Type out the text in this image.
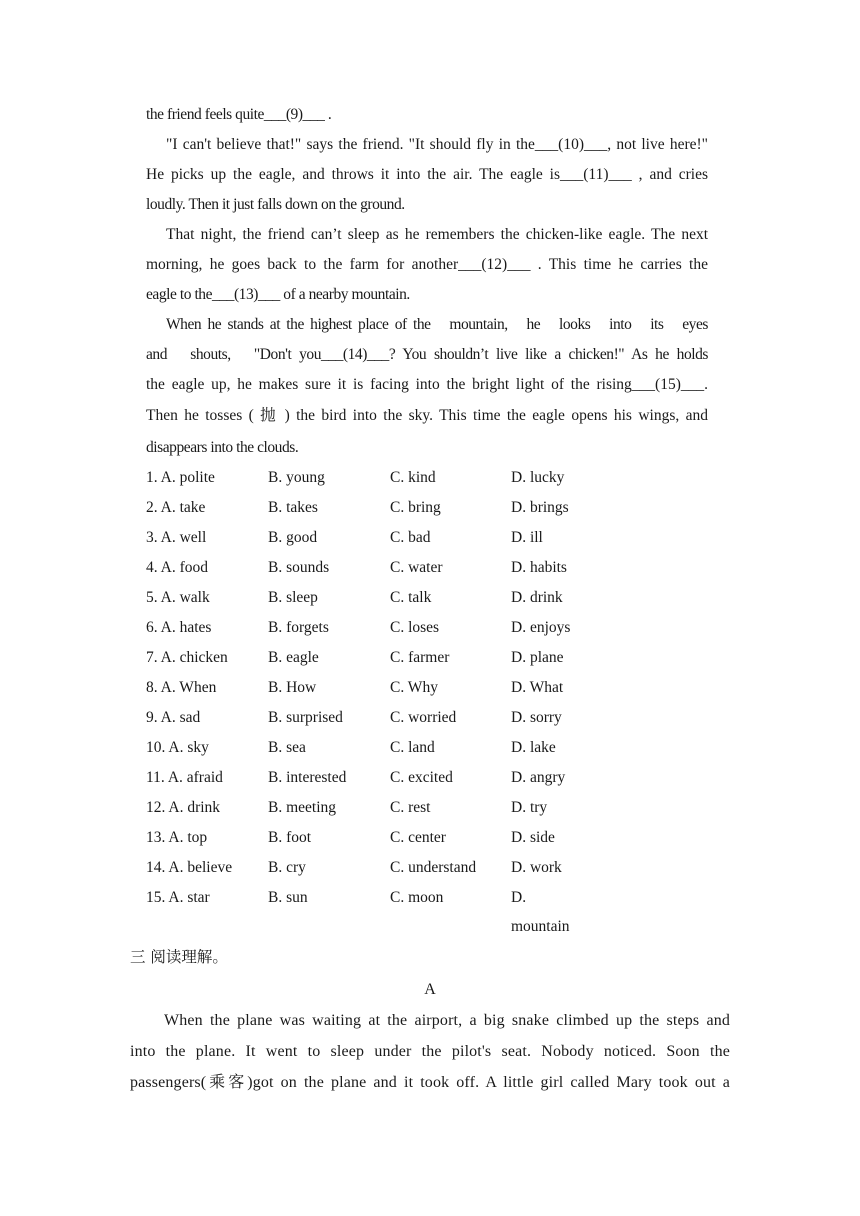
the friend feels quite___(9)___ .
"I can't believe that!" says the friend. "It should fly in the___(10)___, not live here!"
He picks up the eagle, and throws it into the air. The eagle is___(11)___ , and cries
loudly. Then it just falls down on the ground.
That night, the friend can’t sleep as he remembers the chicken-like eagle. The next
morning, he goes back to the farm for another___(12)___ . This time he carries the
eagle to the___(13)___ of a nearby mountain.
When he stands at the highest place of the   mountain,   he   looks   into   its   eyes
and   shouts,   "Don't you___(14)___? You shouldn’t live like a chicken!" As he holds
the eagle up, he makes sure it is facing into the bright light of the rising___(15)___.
Then he tosses ( 抛 ) the bird into the sky. This time the eagle opens his wings, and
disappears into the clouds.
1. A. polite	B. young	C. kind	D. lucky
2. A. take	B. takes	C. bring	D. brings
3. A. well	B. good	C. bad	D. ill
4. A. food	B. sounds	C. water	D. habits
5. A. walk	B. sleep	C. talk	D. drink
6. A. hates	B. forgets	C. loses	D. enjoys
7. A. chicken	B. eagle	C. farmer	D. plane
8. A. When	B. How	C. Why	D. What
9. A. sad	B. surprised	C. worried	D. sorry
10. A. sky	B. sea	C. land	D. lake
11. A. afraid	B. interested	C. excited	D. angry
12. A. drink	B. meeting	C. rest	D. try
13. A. top	B. foot	C. center	D. side
14. A. believe B. cry	C. understand D. work
15. A. star	B. sun	C. moon	D.
mountain
三 阅读理解。
A
When the plane was waiting at the airport, a big snake climbed up the steps and
into the plane. It went to sleep under the pilot's seat. Nobody noticed. Soon the
passengers(乘客)got on the plane and it took off. A little girl called Mary took out a
